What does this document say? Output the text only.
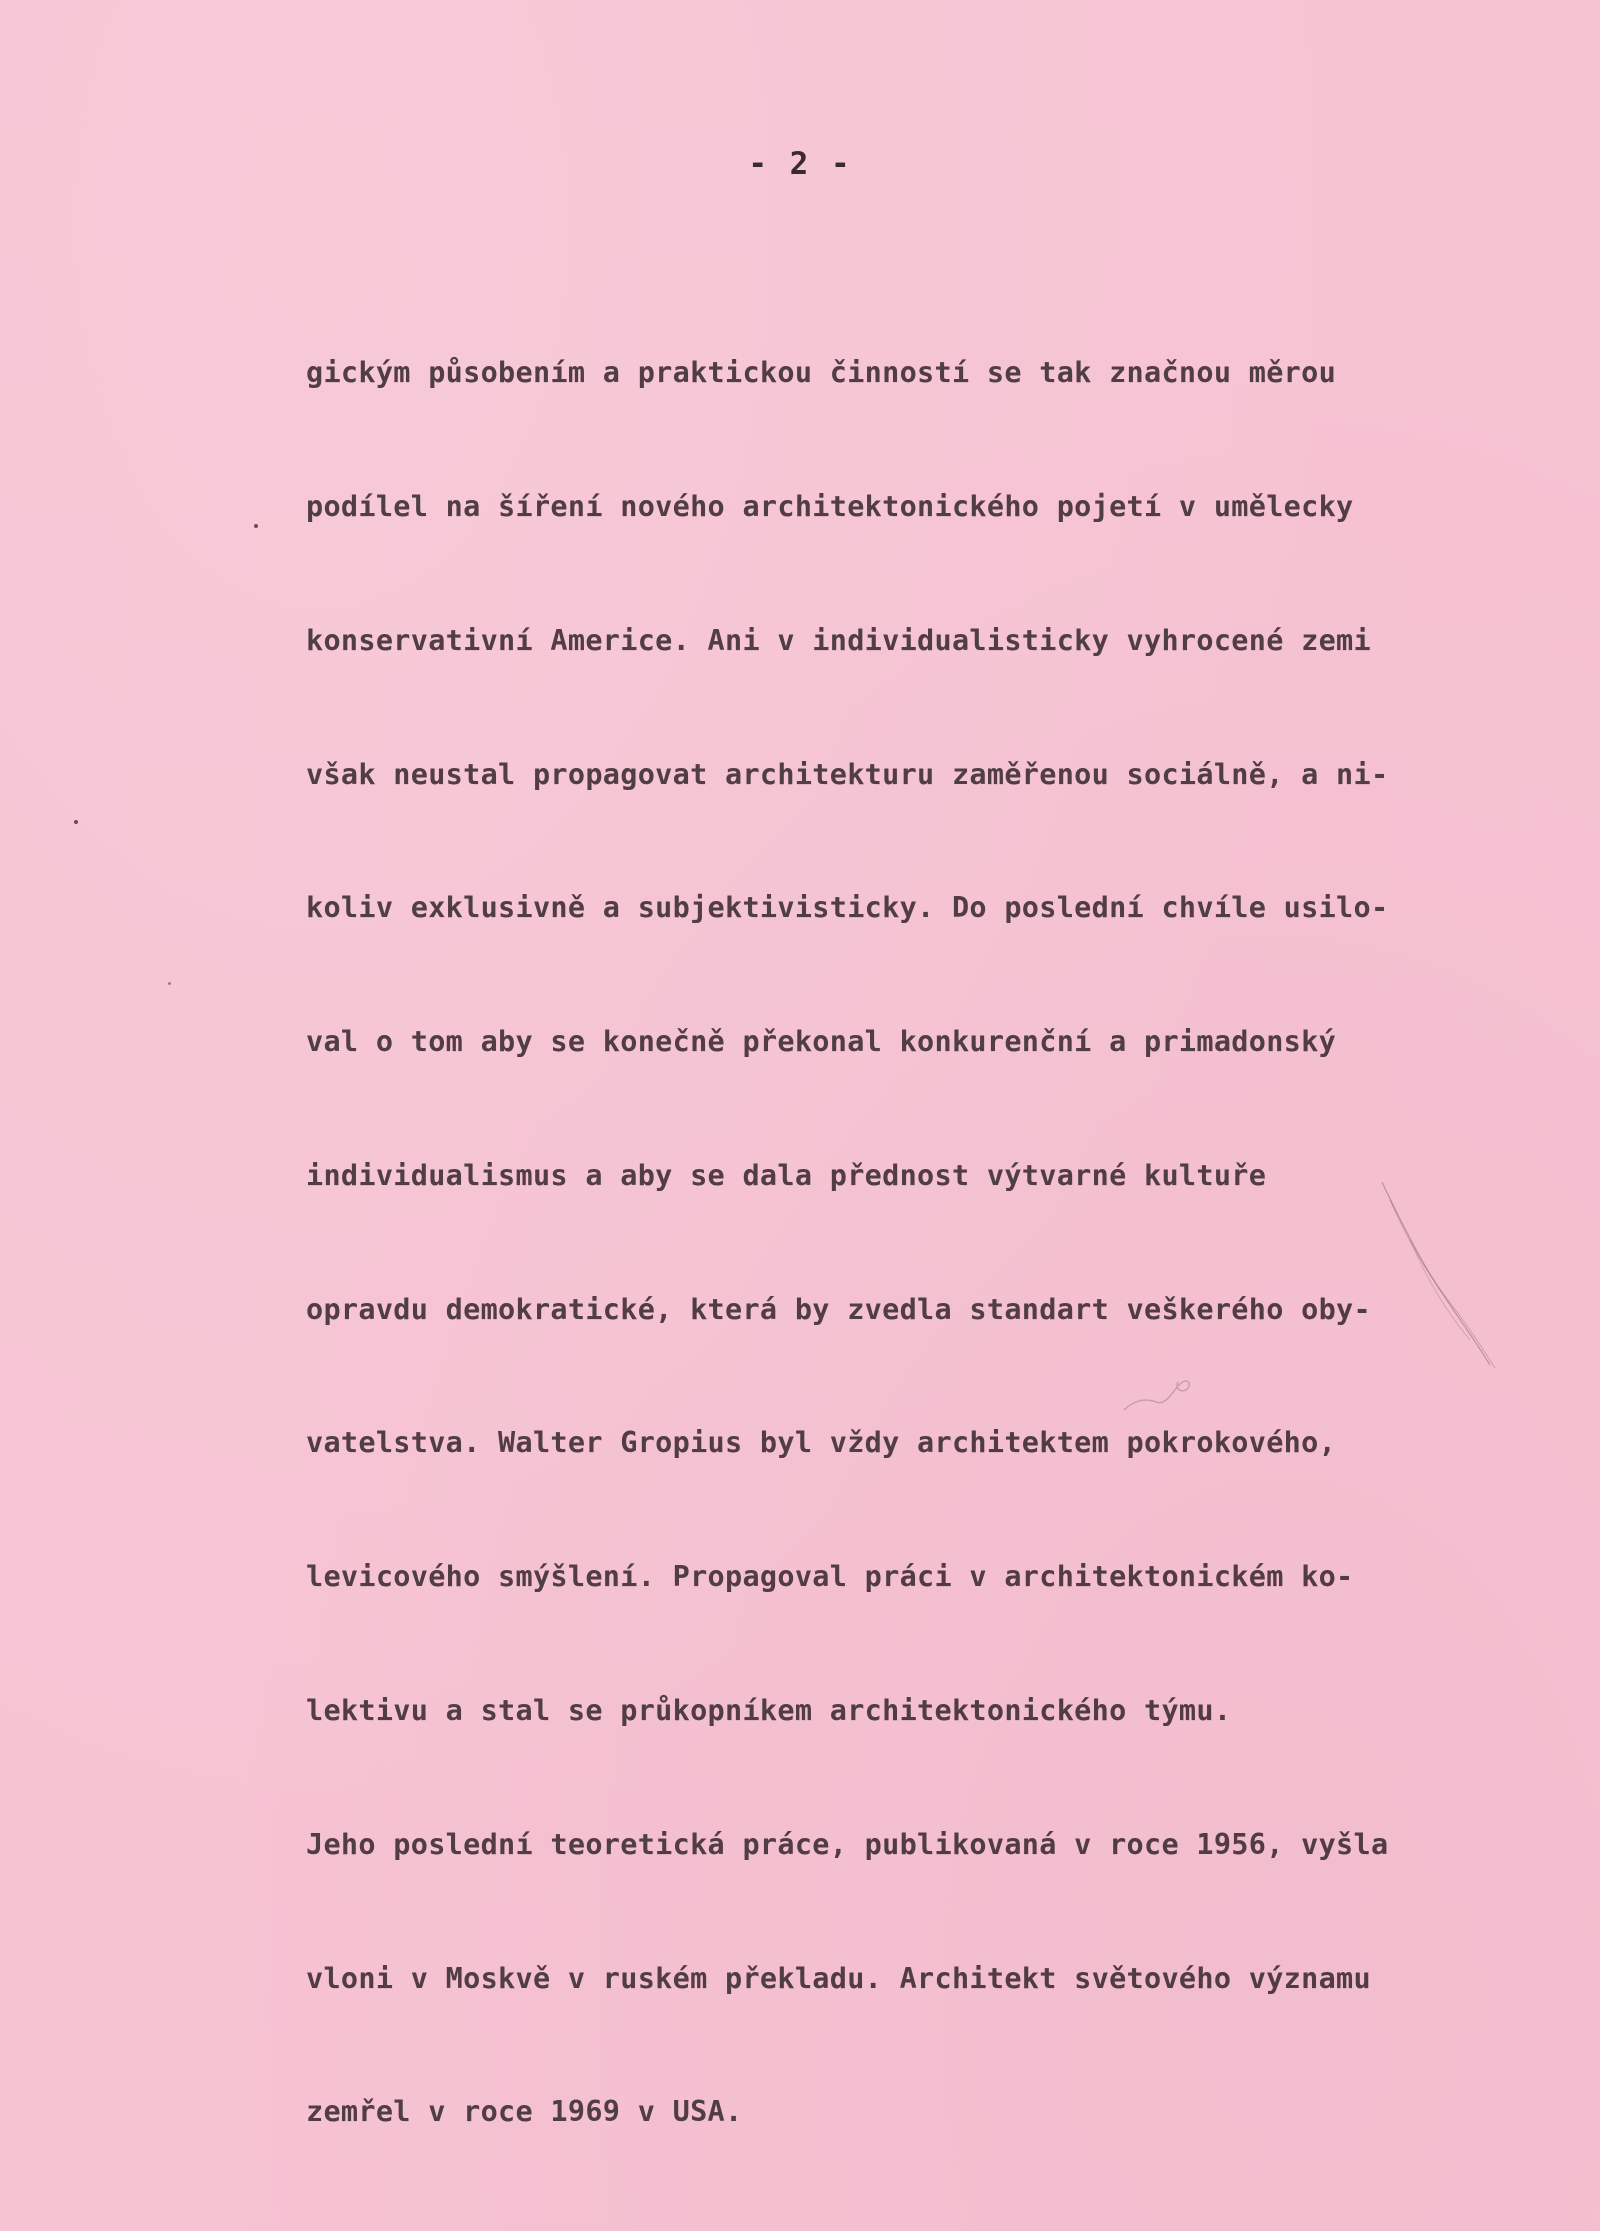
- 2 -

gickým působením a praktickou činností se tak značnou měrou

podílel na šíření nového architektonického pojetí v umělecky

konservativní Americe. Ani v individualisticky vyhrocené zemi

však neustal propagovat architekturu zaměřenou sociálně, a ni-

koliv exklusivně a subjektivisticky. Do poslední chvíle usilo-

val o tom aby se konečně překonal konkurenční a primadonský

individualismus a aby se dala přednost výtvarné kultuře

opravdu demokratické, která by zvedla standart veškerého oby-

vatelstva. Walter Gropius byl vždy architektem pokrokového,

levicového smýšlení. Propagoval práci v architektonickém ko-

lektivu a stal se průkopníkem architektonického týmu.

Jeho poslední teoretická práce, publikovaná v roce 1956, vyšla

vloni v Moskvě v ruském překladu. Architekt světového významu

zemřel v roce 1969 v USA.
